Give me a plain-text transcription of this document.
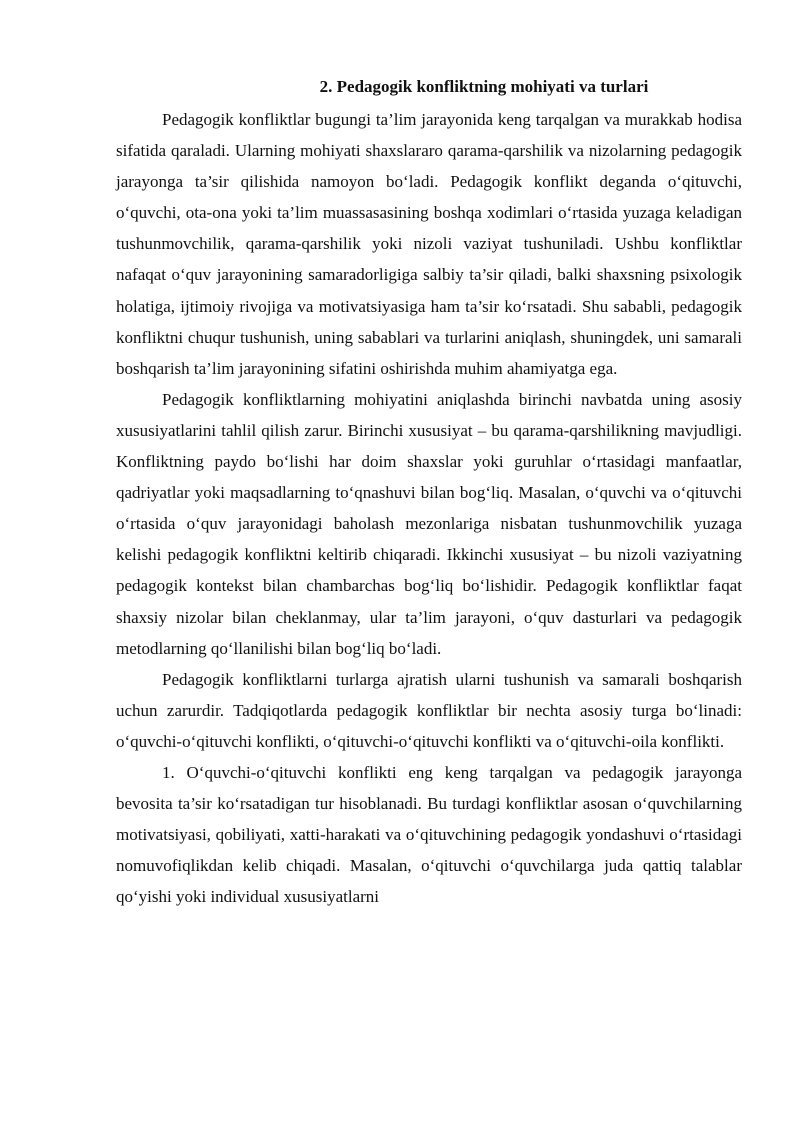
2. Pedagogik konfliktning mohiyati va turlari

Pedagogik konfliktlar bugungi ta’lim jarayonida keng tarqalgan va murakkab hodisa sifatida qaraladi. Ularning mohiyati shaxslararo qarama-qarshilik va nizolarning pedagogik jarayonga ta’sir qilishida namoyon bo‘ladi. Pedagogik konflikt deganda o‘qituvchi, o‘quvchi, ota-ona yoki ta’lim muassasasining boshqa xodimlari o‘rtasida yuzaga keladigan tushunmovchilik, qarama-qarshilik yoki nizoli vaziyat tushuniladi. Ushbu konfliktlar nafaqat o‘quv jarayonining samaradorligiga salbiy ta’sir qiladi, balki shaxsning psixologik holatiga, ijtimoiy rivojiga va motivatsiyasiga ham ta’sir ko‘rsatadi. Shu sababli, pedagogik konfliktni chuqur tushunish, uning sabablari va turlarini aniqlash, shuningdek, uni samarali boshqarish ta’lim jarayonining sifatini oshirishda muhim ahamiyatga ega.

Pedagogik konfliktlarning mohiyatini aniqlashda birinchi navbatda uning asosiy xususiyatlarini tahlil qilish zarur. Birinchi xususiyat – bu qarama-qarshilikning mavjudligi. Konfliktning paydo bo‘lishi har doim shaxslar yoki guruhlar o‘rtasidagi manfaatlar, qadriyatlar yoki maqsadlarning to‘qnashuvi bilan bog‘liq. Masalan, o‘quvchi va o‘qituvchi o‘rtasida o‘quv jarayonidagi baholash mezonlariga nisbatan tushunmovchilik yuzaga kelishi pedagogik konfliktni keltirib chiqaradi. Ikkinchi xususiyat – bu nizoli vaziyatning pedagogik kontekst bilan chambarchas bog‘liq bo‘lishidir. Pedagogik konfliktlar faqat shaxsiy nizolar bilan cheklanmay, ular ta’lim jarayoni, o‘quv dasturlari va pedagogik metodlarning qo‘llanilishi bilan bog‘liq bo‘ladi.

Pedagogik konfliktlarni turlarga ajratish ularni tushunish va samarali boshqarish uchun zarurdir. Tadqiqotlarda pedagogik konfliktlar bir nechta asosiy turga bo‘linadi: o‘quvchi-o‘qituvchi konflikti, o‘qituvchi-o‘qituvchi konflikti va o‘qituvchi-oila konflikti.

1. O‘quvchi-o‘qituvchi konflikti eng keng tarqalgan va pedagogik jarayonga bevosita ta’sir ko‘rsatadigan tur hisoblanadi. Bu turdagi konfliktlar asosan o‘quvchilarning motivatsiyasi, qobiliyati, xatti-harakati va o‘qituvchining pedagogik yondashuvi o‘rtasidagi nomuvofiqlikdan kelib chiqadi. Masalan, o‘qituvchi o‘quvchilarga juda qattiq talablar qo‘yishi yoki individual xususiyatlarni
